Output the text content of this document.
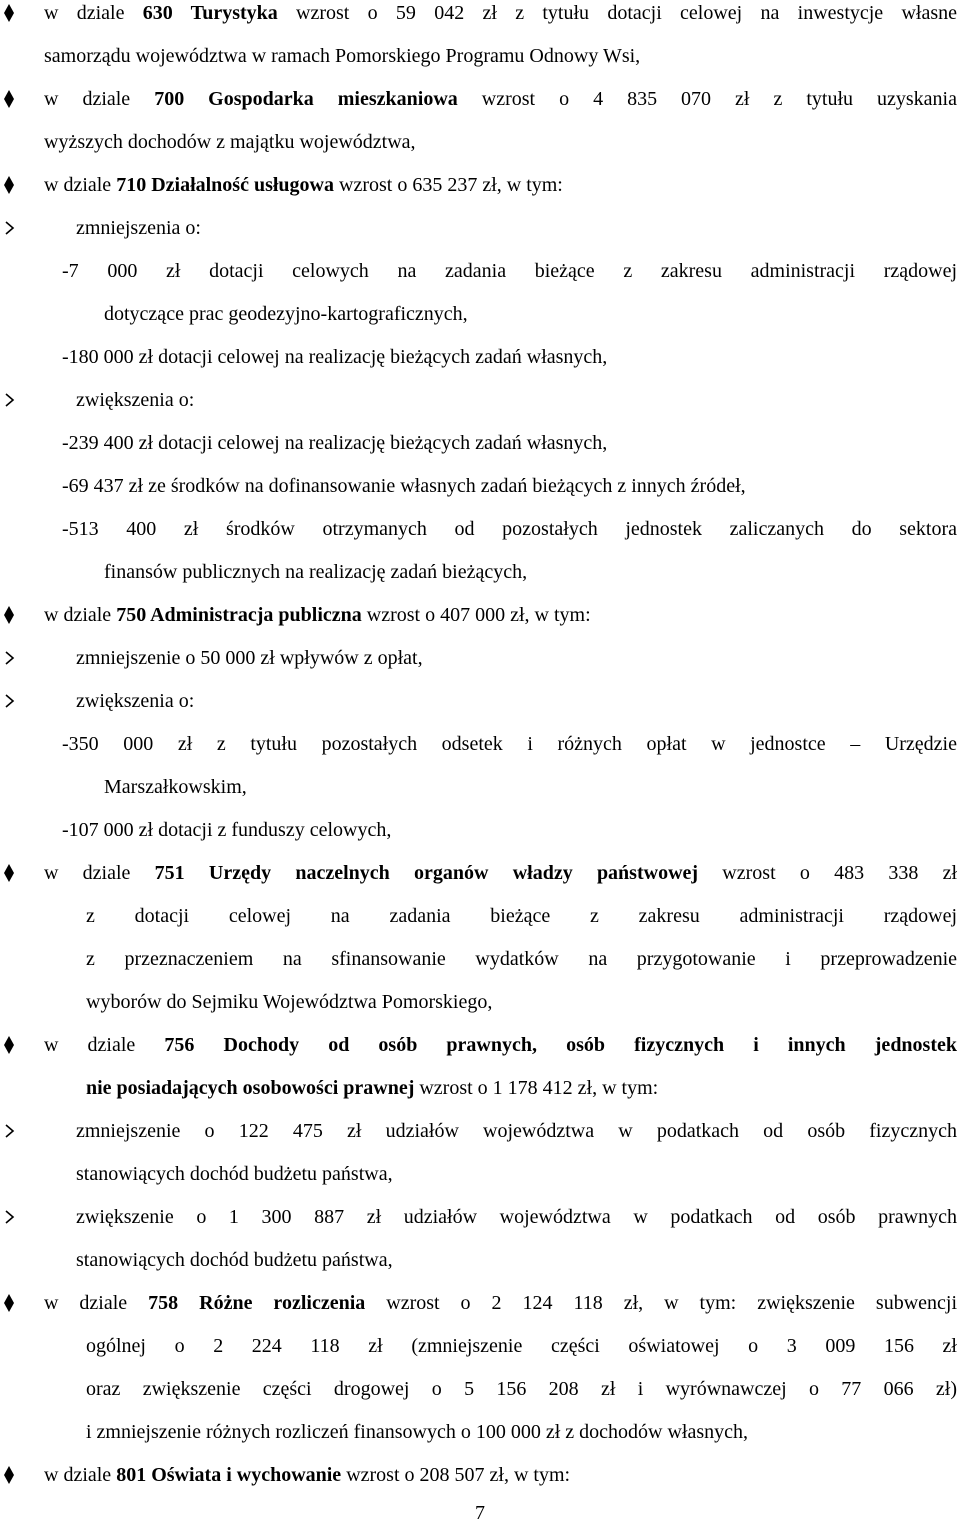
w dziale 630 Turystyka wzrost o 59 042 zł z tytułu dotacji celowej na inwestycje własne
samorządu województwa w ramach Pomorskiego Programu Odnowy Wsi,
w dziale 700 Gospodarka mieszkaniowa wzrost o 4 835 070 zł z tytułu uzyskania
wyższych dochodów z majątku województwa,
w dziale 710 Działalność usługowa wzrost o 635 237 zł, w tym:
zmniejszenia o:
-7 000 zł dotacji celowych na zadania bieżące z zakresu administracji rządowej
dotyczące prac geodezyjno-kartograficznych,
-180 000 zł dotacji celowej na realizację bieżących zadań własnych,
zwiększenia o:
-239 400 zł dotacji celowej na realizację bieżących zadań własnych,
-69 437 zł ze środków na dofinansowanie własnych zadań bieżących z innych źródeł,
-513 400 zł środków otrzymanych od pozostałych jednostek zaliczanych do sektora
finansów publicznych na realizację zadań bieżących,
w dziale 750 Administracja publiczna wzrost o 407 000 zł, w tym:
zmniejszenie o 50 000 zł wpływów z opłat,
zwiększenia o:
-350 000 zł z tytułu pozostałych odsetek i różnych opłat w jednostce – Urzędzie
Marszałkowskim,
-107 000 zł dotacji z funduszy celowych,
w dziale 751 Urzędy naczelnych organów władzy państwowej wzrost o 483 338 zł
z dotacji celowej na zadania bieżące z zakresu administracji rządowej
z przeznaczeniem na sfinansowanie wydatków na przygotowanie i przeprowadzenie
wyborów do Sejmiku Województwa Pomorskiego,
w dziale 756 Dochody od osób prawnych, osób fizycznych i innych jednostek
nie posiadających osobowości prawnej wzrost o 1 178 412 zł, w tym:
zmniejszenie o 122 475 zł udziałów województwa w podatkach od osób fizycznych
stanowiących dochód budżetu państwa,
zwiększenie o 1 300 887 zł udziałów województwa w podatkach od osób prawnych
stanowiących dochód budżetu państwa,
w dziale 758 Różne rozliczenia wzrost o 2 124 118 zł, w tym: zwiększenie subwencji
ogólnej o 2 224 118 zł (zmniejszenie części oświatowej o 3 009 156 zł
oraz zwiększenie części drogowej o 5 156 208 zł i wyrównawczej o 77 066 zł)
i zmniejszenie różnych rozliczeń finansowych o 100 000 zł z dochodów własnych,
w dziale 801 Oświata i wychowanie wzrost o 208 507 zł, w tym:
7
